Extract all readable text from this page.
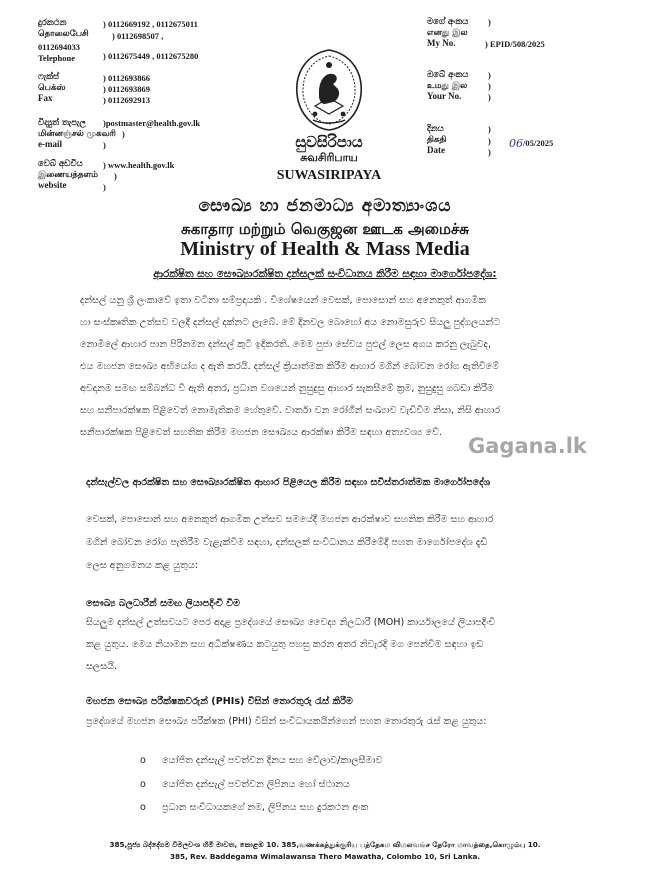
දුරකථන
தொலைபேசி
) 0112669192 , 0112675011
) 0112698507 ,
0112694033
Telephone	) 0112675449 , 0112675280
ෆැක්ස්
பெக்ஸ்
Fax
) 0112693866
) 0112693869
) 0112692913
විද්‍යුත් තැපැල
மின்னஞ்சல் முகவரி
e-mail
)postmaster@health.gov.lk
)
)
වෙබ් අඩවිය
இணையத்தளம்
website
) www.health.gov.lk
)
)
මගේ අංකය
எனது இல
My No.
)
) EPID/508/2025
ඔබේ අංකය
உமது இல
Your No.
)
)
)
දිනය
திகதி
Date
)
)
)
06 /05/2025
සුවසිරිපාය
சுவசிரிபாய
SUWASIRIPAYA
සෞඛ්‍ය හා ජනමාධ්‍ය අමාත්‍යාංශය
சுகாதார மற்றும் வெகுஜன ஊடக அமைச்சு
Ministry of Health & Mass Media
ආරක්ෂිත සහ සෞඛ්‍යාරක්ෂිත දන්සලක් සංවිධානය කිරීම සඳහා මාර්ගෝපදේශ:
දන්සල් යනු ශ්‍රී ලංකාවේ ඉතා වටිනා සම්ප්‍රදායකි . විශේෂයෙන් වෙසක්, පොසොන් සහ අනෙකුත් ආගමික
හා සංස්කෘතික උත්සව වලදී දන්සල් දක්නට ලැබේ. මේ දිනවල බොහෝ අය නොමසුරුව සියලු පුද්ගලයන්ට
නොමිලේ ආහාර පාන පිරිනමන දන්සල් කුටි ඉදිකරති. මෙම පුජා සේවය පුළුල් ලෙස අගය කරනු ලැබුවද,
එය මහජන සෞඛ්‍ය අභියෝග ද ඇති කරයි. දන්සල් ක්‍රියාත්මක කිරීම ආහාර මගින් බෝවන රෝග ඇතිවීමේ
අවදානම සමඟ සම්බන්ධ වී ඇති අතර, ප්‍රධාන වශයෙන් නුසුදුසු ආහාර සැකසීමේ ක්‍රම, නුසුදුසු ගබඩා කිරීම
සහ සනීපාරක්ෂක පිළිවෙත් නොමැතිකම හේතුවේ. වාර්තා වන රෝගීන් සංඛ්‍යාව වැඩිවීම නිසා, නිසි ආහාර
සනීපාරක්ෂක පිළිවෙත් සහතික කිරීම මහජන සෞඛ්‍යය ආරක්ෂා කිරීම සඳහා අත්‍යවශ්‍ය වේ.
Gagana.lk
දන්සැල්වල ආරක්ෂිත සහ සෞඛ්‍යාරක්ෂිත ආහාර පිළියෙල කිරීම සඳහා සවිස්තරාත්මක මාර්ගෝපදේශ
වෙසක්, පොසොන් සහ අනෙකුත් ආගමික උත්සව සමයේදී මහජන ආරක්ෂාව සහතික කිරීම සහ ආහාර
මගින් බෝවන රෝග පැතිරීම වැළැක්වීම සඳහා, දන්සලක් සංවිධානය කිරීමේදී පහත මාර්ගෝපදේශ දැඩි
ලෙස අනුගමනය කළ යුතුය:
සෞඛ්‍ය බලධාරීන් සමඟ ලියාපදිංචි වීම
සියලුම දන්සල් උත්සවයට පෙර අදාළ ප්‍රදේශයේ සෞඛ්‍ය වෛද්‍ය නිලධාරී (MOH) කාර්යාලයේ ලියාපදිංචි
කළ යුතුය. මෙය නියාමන සහ අධීක්ෂණය කටයුතු පහසු කරන අතර නිවැරදි මග පෙන්වීම සඳහා ඉඩ
සලසයි.
මහජන සෞඛ්‍ය පරීක්ෂකවරුන් (PHIs) විසින් තොරතුරු රැස් කිරීම
ප්‍රදේශයේ මහජන සෞඛ්‍ය පරීක්ෂක (PHI) විසින් සංවිධායකයින්ගෙන් පහත තොරතුරු රැස් කළ යුතුය:
o යෝජිත දන්සැල් පවත්වන දිනය සහ වේලාව/කාලසීමාව
o යෝජිත දන්සැල් පවත්වන ලිපිනය හෝ ස්ථානය
o ප්‍රධාන සංවිධායකගේ නම, ලිපිනය සහ දුරකථන අංක
385,පූජ්‍ය බද්දේගම විමලවංශ හිමි මාවත, කොළඹ 10. 385,வணக்கத்துக்குரிய பத்தேகம விமலவங்ச தேரோ மாவத்தை,கொழும்பு 10.
385, Rev. Baddegama Wimalawansa Thero Mawatha, Colombo 10, Sri Lanka.
